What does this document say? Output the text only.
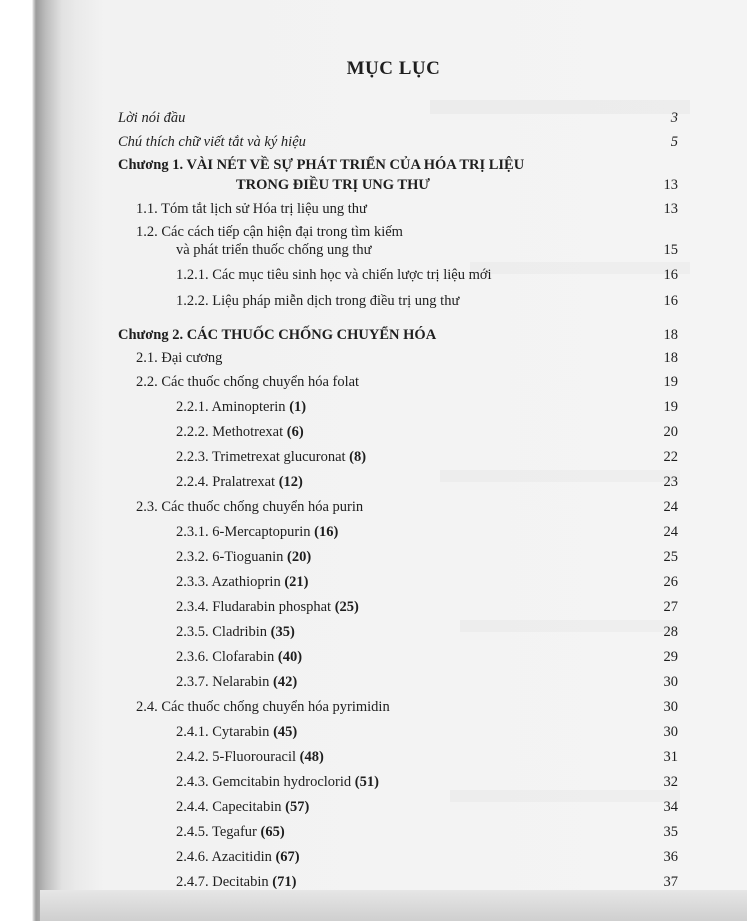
MỤC LỤC
Lời nói đầu	3
Chú thích chữ viết tắt và ký hiệu	5
Chương 1. VÀI NÉT VỀ SỰ PHÁT TRIỂN CỦA HÓA TRỊ LIỆU
TRONG ĐIỀU TRỊ UNG THƯ	13
1.1. Tóm tắt lịch sử Hóa trị liệu ung thư	13
1.2. Các cách tiếp cận hiện đại trong tìm kiếm
và phát triển thuốc chống ung thư	15
1.2.1. Các mục tiêu sinh học và chiến lược trị liệu mới	16
1.2.2. Liệu pháp miễn dịch trong điều trị ung thư	16
Chương 2. CÁC THUỐC CHỐNG CHUYỂN HÓA	18
2.1. Đại cương	18
2.2. Các thuốc chống chuyển hóa folat	19
2.2.1. Aminopterin (1)	19
2.2.2. Methotrexat (6)	20
2.2.3. Trimetrexat glucuronat (8)	22
2.2.4. Pralatrexat (12)	23
2.3. Các thuốc chống chuyển hóa purin	24
2.3.1. 6-Mercaptopurin (16)	24
2.3.2. 6-Tioguanin (20)	25
2.3.3. Azathioprin (21)	26
2.3.4. Fludarabin phosphat (25)	27
2.3.5. Cladribin (35)	28
2.3.6. Clofarabin (40)	29
2.3.7. Nelarabin (42)	30
2.4. Các thuốc chống chuyển hóa pyrimidin	30
2.4.1. Cytarabin (45)	30
2.4.2. 5-Fluorouracil (48)	31
2.4.3. Gemcitabin hydroclorid (51)	32
2.4.4. Capecitabin (57)	34
2.4.5. Tegafur (65)	35
2.4.6. Azacitidin (67)	36
2.4.7. Decitabin (71)	37
